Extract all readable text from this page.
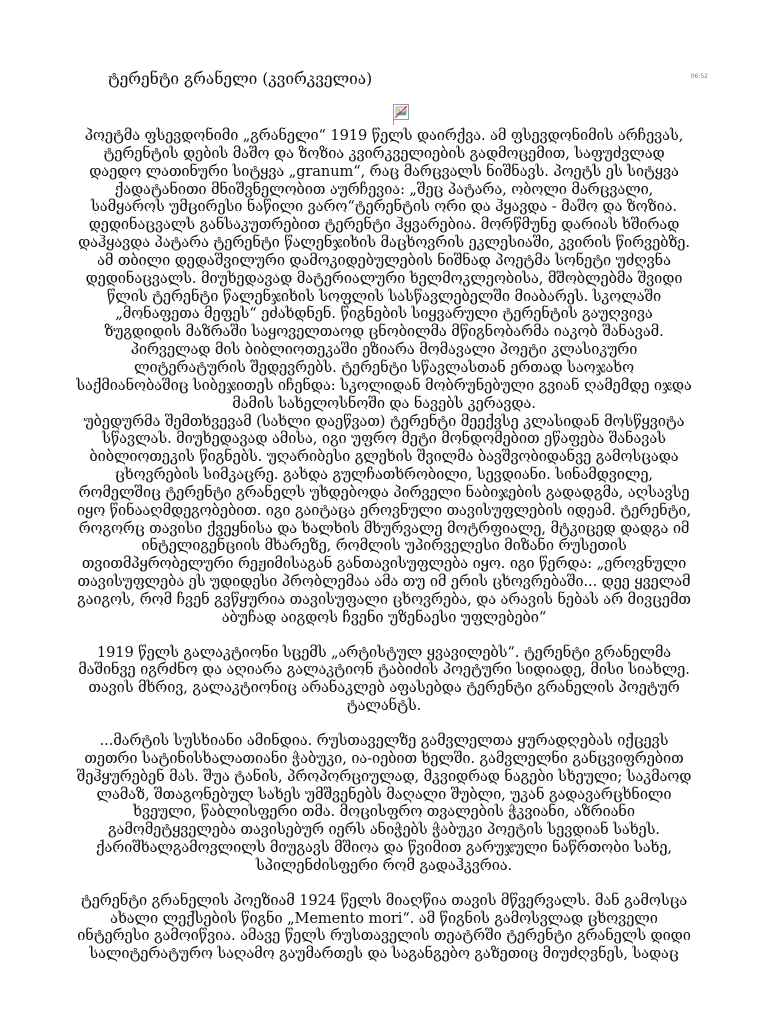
ტერენტი გრანელი (კვირკველია)	06:52

პოეტმა ფსევდონიმი „გრანელი“ 1919 წელს დაირქვა. ამ ფსევდონიმის არჩევას, ტერენტის დების მაშო და ზოზია კვირკველიების გადმოცემით, საფუძვლად დაედო ლათინური სიტყვა „granum“, რაც მარცვალს ნიშნავს. პოეტს ეს სიტყვა ქადატანითი მნიშვნელობით აურჩევია: „შეც პატარა, ობოლი მარცვალი, სამყაროს უმცირესი ნაწილი ვარო“ტერენტის ორი და ჰყავდა - მაშო და ზოზია. დედინაცვალს განსაკუთრებით ტერენტი ჰყვარებია. მორწმუნე დარიას ხშირად დაჰყავდა პატარა ტერენტი წალენჯიხის მაცხოვრის ეკლესიაში, კვირის წირვებზე. ამ თბილი დედაშვილური დამოკიდებულების ნიშნად პოეტმა სონეტი უძღვნა დედინაცვალს. მიუხედავად მატერიალური ხელმოკლეობისა, მშობლებმა შვიდი წლის ტერენტი წალენჯიხის სოფლის სასწავლებელში მიაბარეს. სკოლაში „მონაფეთა მეფეს“ ეძახდნენ. წიგნების სიყვარული ტერენტის გაუღვივა ზუგდიდის მაზრაში საყოველთაოდ ცნობილმა მწიგნობარმა იაკობ შანავამ. პირველად მის ბიბლიოთეკაში ეზიარა მომავალი პოეტი კლასიკური ლიტერატურის შედევრებს. ტერენტი სწავლასთან ერთად საოჯახო საქმიანობაშიც სიბეჯითეს იჩენდა: სკოლიდან მობრუნებული გვიან ღამემდე იჯდა მამის სახელოსნოში და ნავებს კერავდა.

უბედურმა შემთხვევამ (სახლი დაეწვათ) ტერენტი მეექვსე კლასიდან მოსწყვიტა სწავლას. მიუხედავად ამისა, იგი უფრო მეტი მონდომებით ეწაფება შანავას ბიბლიოთეკის წიგნებს. უღარიბესი გლეხის შვილმა ბავშვობიდანვე გამოსცადა ცხოვრების სიმკაცრე. გახდა გულჩათხრობილი, სევდიანი. სინამდვილე, რომელშიც ტერენტი გრანელს უხდებოდა პირველი ნაბიჯების გადადგმა, აღსავსე იყო წინააღმდეგობებით. იგი გაიტაცა ეროვნული თავისუფლების იდეამ. ტერენტი, როგორც თავისი ქვეყნისა და ხალხის მხურვალე მოტრფიალე, მტკიცედ დადგა იმ ინტელიგენციის მხარეზე, რომლის უპირველესი მიზანი რუსეთის თვითმპყრობელური რეჟიმისაგან განთავისუფლება იყო. იგი წერდა: „ეროვნული თავისუფლება ეს უდიდესი პრობლემაა ამა თუ იმ ერის ცხოვრებაში... დეე ყველამ გაიგოს, რომ ჩვენ გვწყურია თავისუფალი ცხოვრება, და არავის ნებას არ მივცემთ აბუჩად აიგდოს ჩვენი უზენაესი უფლებები“

1919 წელს გალაკტიონი სცემს „არტისტულ ყვავილებს“. ტერენტი გრანელმა მაშინვე იგრძნო და აღიარა გალაკტიონ ტაბიძის პოეტური სიდიადე, მისი სიახლე. თავის მხრივ, გალაკტიონიც არანაკლებ აფასებდა ტერენტი გრანელის პოეტურ ტალანტს.

...მარტის სუსხიანი ამინდია. რუსთაველზე გამვლელთა ყურადღებას იქცევს თეთრი სატინისხალათიანი ჭაბუკი, ია-იებით ხელში. გამვლელნი განცვიფრებით შეჰყურებენ მას. შუა ტანის, პროპორციულად, მკვიდრად ნაგები სხეული; საკმაოდ ლამაზ, შთაგონებულ სახეს უმშვენებს მაღალი შუბლი, უკან გადავარცხნილი ხვეული, წაბლისფერი თმა. მოცისფრო თვალების ჭკვიანი, აზრიანი გამომეტყველება თავისებურ იერს ანიჭებს ჭაბუკი პოეტის სევდიან სახეს. ქარიშხალგამოვლილს მიუგავს მშიოა და წვიმით გარუჯული ნაწრთობი სახე, სპილენძისფერი რომ გადაჰკვრია.

ტერენტი გრანელის პოეზიამ 1924 წელს მიაღწია თავის მწვერვალს. მან გამოსცა ახალი ლექსების წიგნი „Memento mori“. ამ წიგნის გამოსვლად ცხოველი ინტერესი გამოიწვია. ამავე წელს რუსთაველის თეატრში ტერენტი გრანელს დიდი სალიტერატურო საღამო გაუმართეს და საგანგებო გაზეთიც მიუძღვნეს, სადაც
